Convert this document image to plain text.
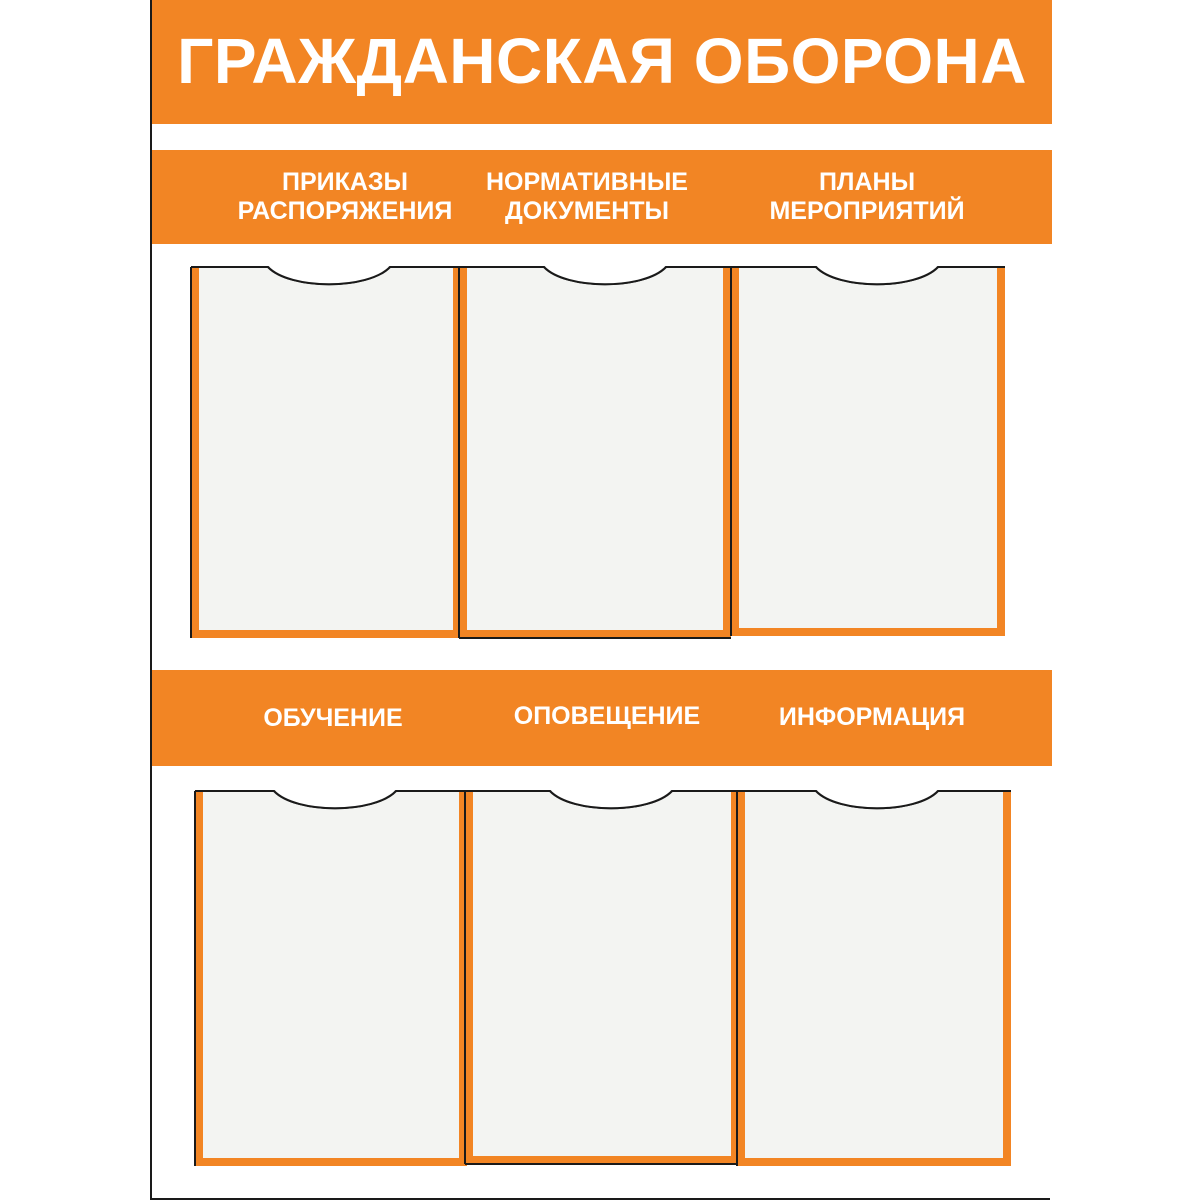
ГРАЖДАНСКАЯ ОБОРОНА
ПРИКАЗЫ
РАСПОРЯЖЕНИЯ
НОРМАТИВНЫЕ
ДОКУМЕНТЫ
ПЛАНЫ
МЕРОПРИЯТИЙ
ОБУЧЕНИЕ	ОПОВЕЩЕНИЕ	ИНФОРМАЦИЯ
